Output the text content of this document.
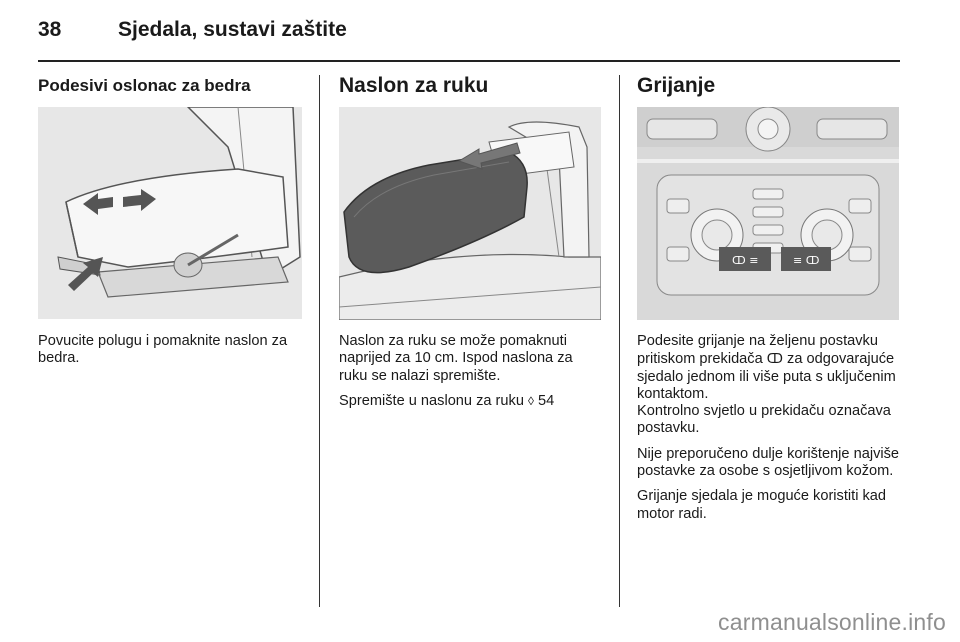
38	Sjedala, sustavi zaštite
Podesivi oslonac za bedra

Povucite polugu i pomaknite naslon za bedra.

Naslon za ruku

Naslon za ruku se može pomaknuti naprijed za 10 cm. Ispod naslona za ruku se nalazi spremište.

Spremište u naslonu za ruku ◊ 54

Grijanje
ↀ ≡	≡ ↀ

Podesite grijanje na željenu postavku pritiskom prekidača ↀ za odgovarajuće sjedalo jednom ili više puta s uključenim kontaktom.

Kontrolno svjetlo u prekidaču označava postavku.

Nije preporučeno dulje korištenje najviše postavke za osobe s osjetljivom kožom.

Grijanje sjedala je moguće koristiti kad motor radi.

carmanualsonline.info
